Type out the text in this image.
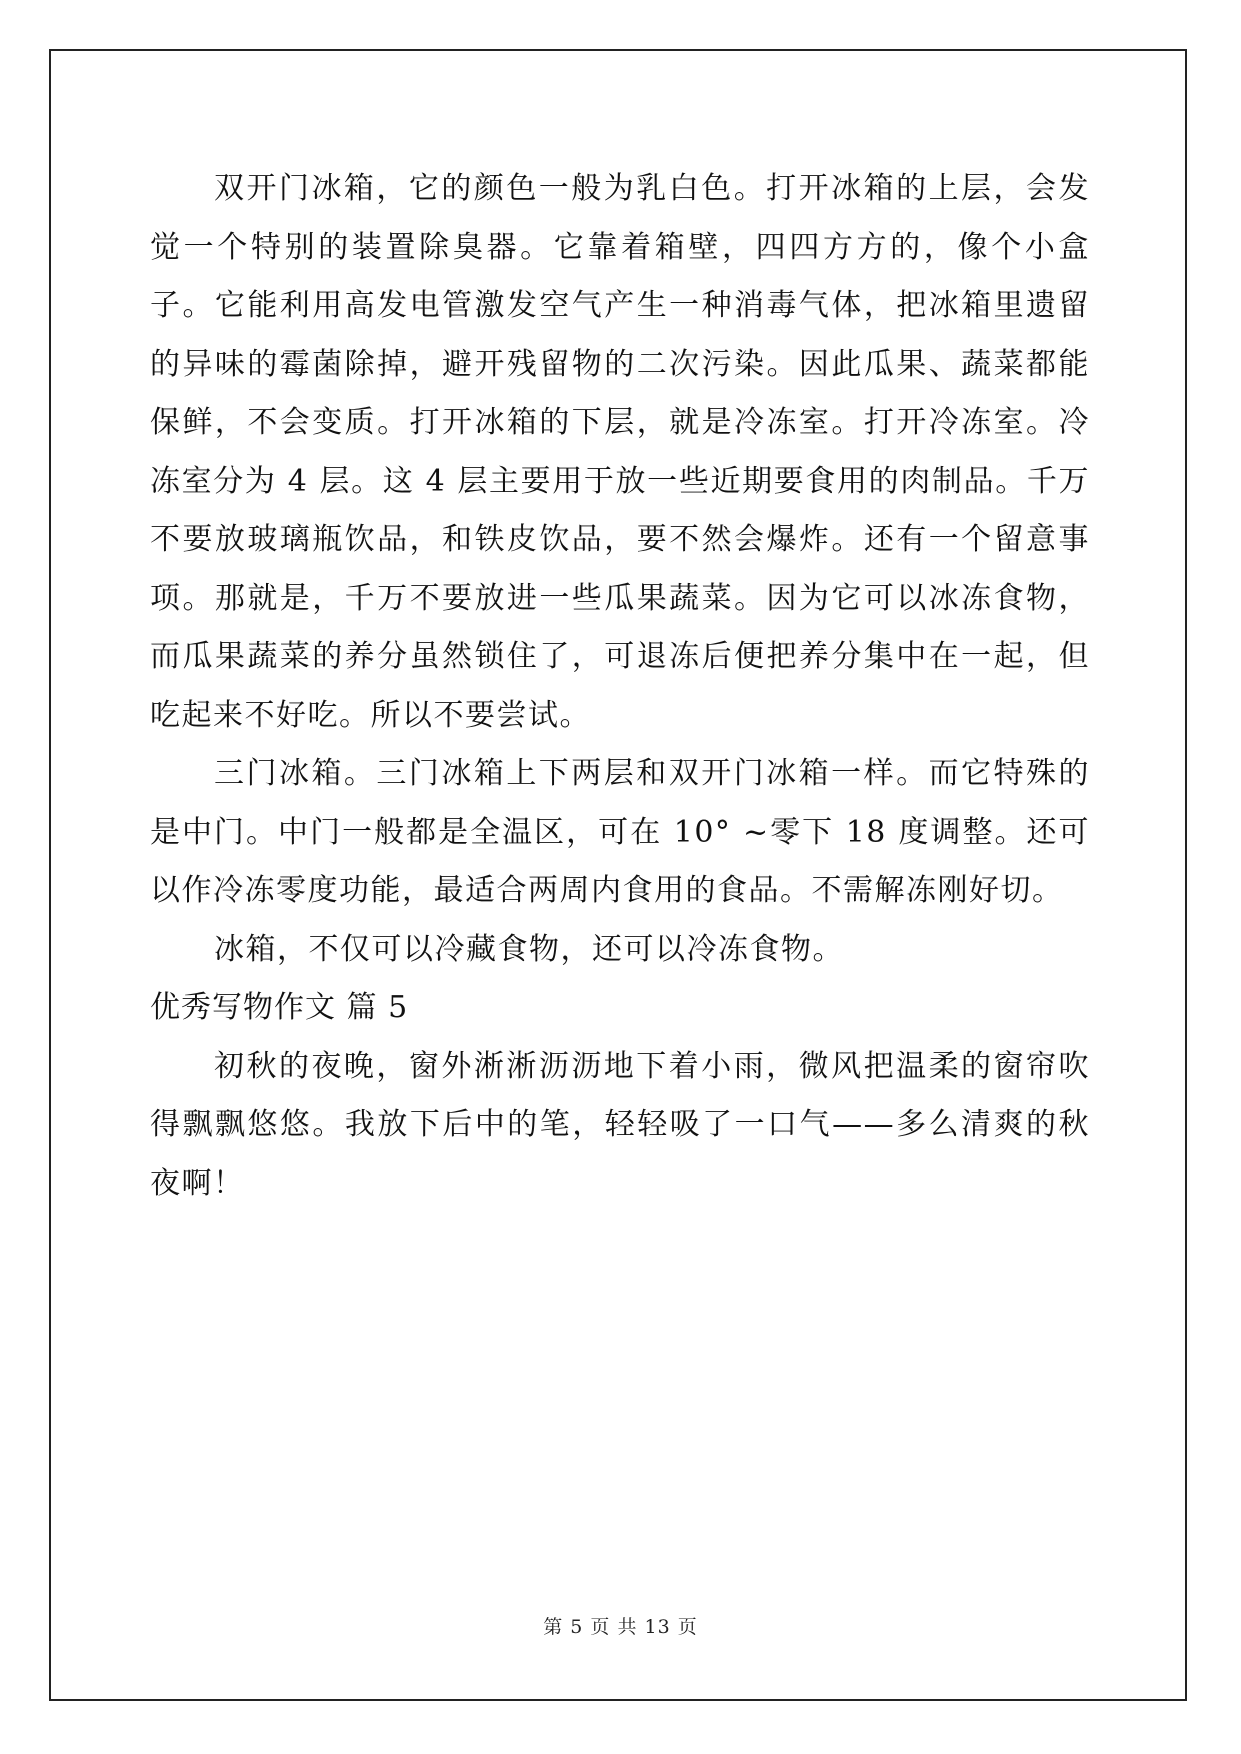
双开门冰箱，它的颜色一般为乳白色。打开冰箱的上层，会发觉一个特别的装置除臭器。它靠着箱壁，四四方方的，像个小盒子。它能利用高发电管激发空气产生一种消毒气体，把冰箱里遗留的异味的霉菌除掉，避开残留物的二次污染。因此瓜果、蔬菜都能保鲜，不会变质。打开冰箱的下层，就是冷冻室。打开冷冻室。冷冻室分为 4 层。这 4 层主要用于放一些近期要食用的肉制品。千万不要放玻璃瓶饮品，和铁皮饮品，要不然会爆炸。还有一个留意事项。那就是，千万不要放进一些瓜果蔬菜。因为它可以冰冻食物，而瓜果蔬菜的养分虽然锁住了，可退冻后便把养分集中在一起，但吃起来不好吃。所以不要尝试。

三门冰箱。三门冰箱上下两层和双开门冰箱一样。而它特殊的是中门。中门一般都是全温区，可在 10° ~零下 18 度调整。还可以作冷冻零度功能，最适合两周内食用的食品。不需解冻刚好切。

冰箱，不仅可以冷藏食物，还可以冷冻食物。

优秀写物作文 篇 5

初秋的夜晚，窗外淅淅沥沥地下着小雨，微风把温柔的窗帘吹得飘飘悠悠。我放下后中的笔，轻轻吸了一口气——多么清爽的秋夜啊！

第 5 页 共 13 页
